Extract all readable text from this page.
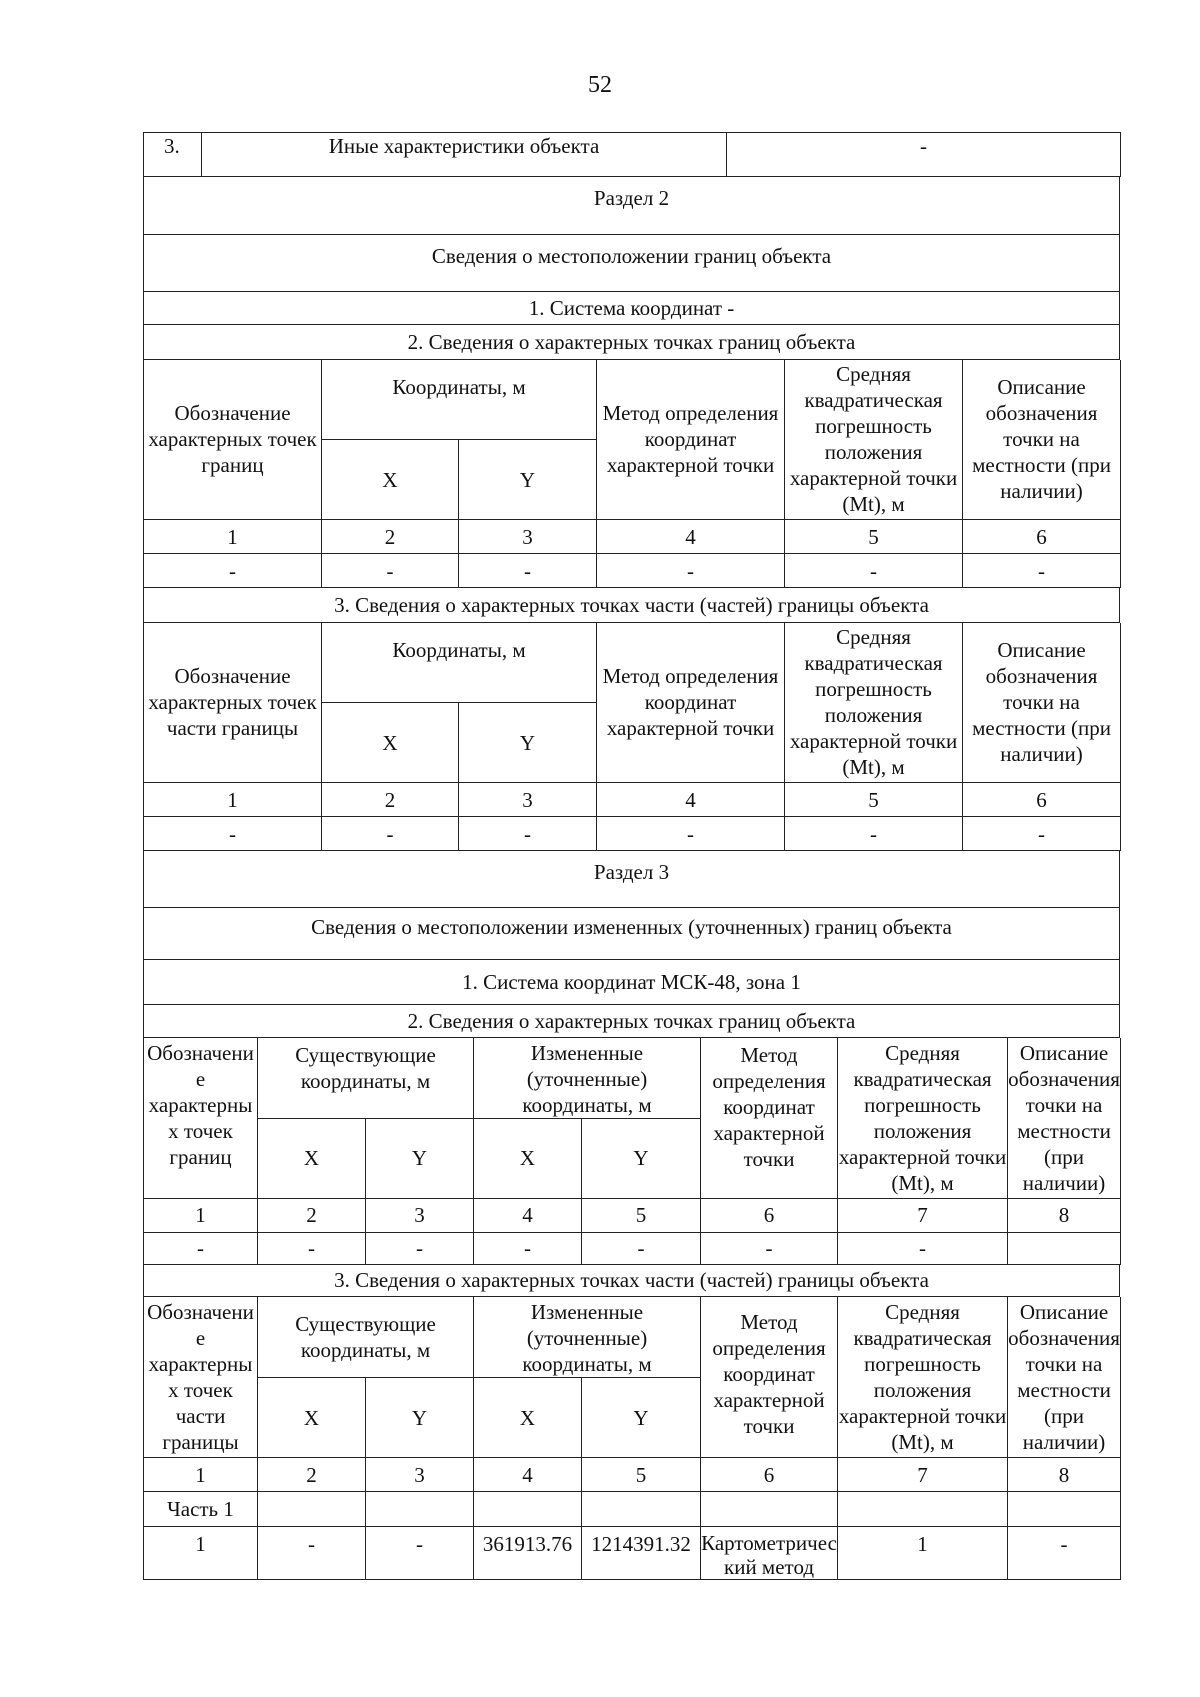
52
3.	Иные характеристики объекта	-
Раздел 2
Сведения о местоположении границ объекта
1. Система координат -
2. Сведения о характерных точках границ объекта
Обозначение характерных точек границ	Координаты, м		Метод определения координат характерной точки	Средняя квадратическая погрешность положения характерной точки (Mt), м	Описание обозначения точки на местности (при наличии)
	X	Y			
1	2	3	4	5	6
-	-	-	-	-	-
3. Сведения о характерных точках части (частей) границы объекта
Обозначение характерных точек части границы	Координаты, м		Метод определения координат характерной точки	Средняя квадратическая погрешность положения характерной точки (Mt), м	Описание обозначения точки на местности (при наличии)
	X	Y			
1	2	3	4	5	6
-	-	-	-	-	-
Раздел 3
Сведения о местоположении измененных (уточненных) границ объекта
1. Система координат МСК-48, зона 1
2. Сведения о характерных точках границ объекта
Обозначение характерных точек границ	Существующие координаты, м		Измененные (уточненные) координаты, м		Метод определения координат характерной точки	Средняя квадратическая погрешность положения характерной точки (Mt), м	Описание обозначения точки на местности (при наличии)
	X	Y	X	Y			
1	2	3	4	5	6	7	8
-	-	-	-	-	-	-	
3. Сведения о характерных точках части (частей) границы объекта
Обозначение характерных точек части границы	Существующие координаты, м		Измененные (уточненные) координаты, м		Метод определения координат характерной точки	Средняя квадратическая погрешность положения характерной точки (Mt), м	Описание обозначения точки на местности (при наличии)
	X	Y	X	Y			
1	2	3	4	5	6	7	8
Часть 1							
1	-	-	361913.76	1214391.32	Картометрический метод	1	-
